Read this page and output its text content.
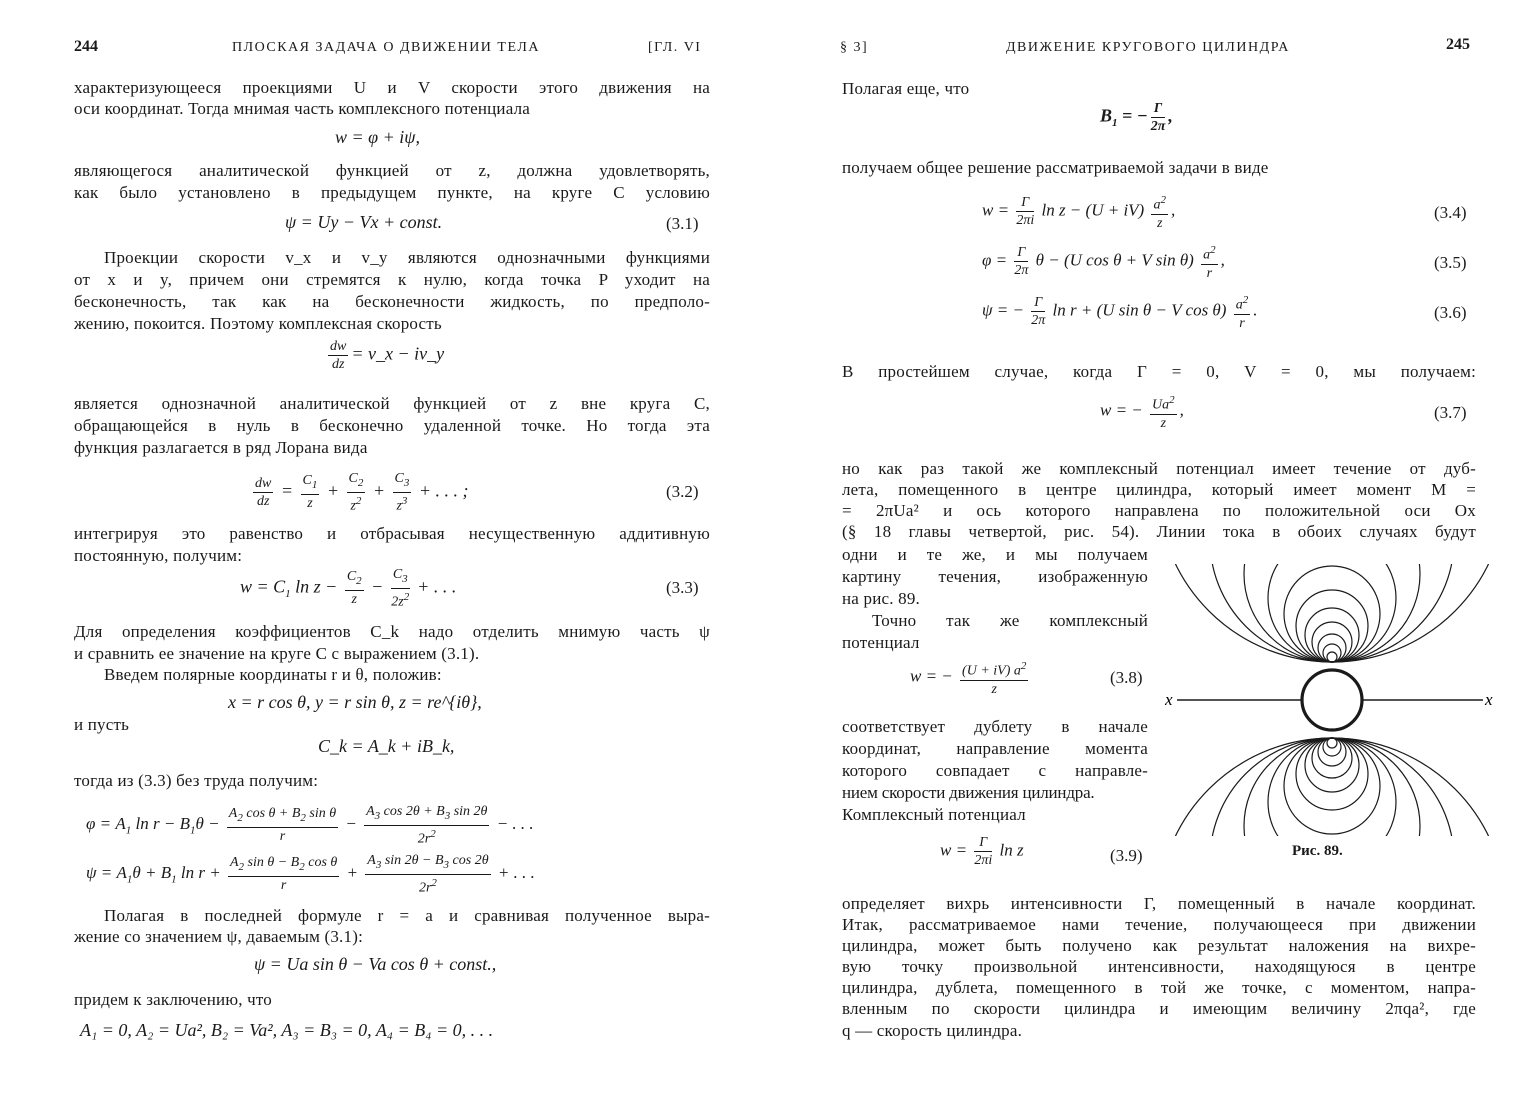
244	ПЛОСКАЯ ЗАДАЧА О ДВИЖЕНИИ ТЕЛА	[ГЛ. VI
характеризующееся проекциями U и V скорости этого движения на
оси координат. Тогда мнимая часть комплексного потенциала
w = φ + iψ,
являющегося аналитической функцией от z, должна удовлетворять,
как было установлено в предыдущем пункте, на круге C условию
ψ = Uy − Vx + const.	(3.1)
Проекции скорости v_x и v_y являются однозначными функциями
от x и y, причем они стремятся к нулю, когда точка P уходит на
бесконечность, так как на бесконечности жидкость, по предполо-
жению, покоится. Поэтому комплексная скорость
$\frac{dw}{dz}$ = v_x − iv_y
является однозначной аналитической функцией от z вне круга C,
обращающейся в нуль в бесконечно удаленной точке. Но тогда эта
функция разлагается в ряд Лорана вида
$\frac{dw}{dz} = \frac{C_1}{z} + \frac{C_2}{z^2} + \frac{C_3}{z^3}$ + . . . ;	(3.2)
интегрируя это равенство и отбрасывая несущественную аддитивную
постоянную, получим:
$w = C_1$ $\ln z - \frac{C_2}{z} - \frac{C_3}{2z^2}$ + . . .	(3.3)
Для определения коэффициентов C_k надо отделить мнимую часть ψ
и сравнить ее значение на круге C с выражением (3.1).
Введем полярные координаты r и θ, положив:
x = r cos θ, y = r sin θ, z = re^{iθ},
и пусть
C_k = A_k + iB_k,
тогда из (3.3) без труда получим:
$\varphi = A_1$ $\ln r - B_1\theta - \frac{A_2 \cos \theta + B_2 \sin \theta}{r} - \frac{A_3 \cos 2\theta + B_3 \sin 2\theta}{2r^2}$ − . . .
$\psi = A_1\theta + B_1$ $\ln r + \frac{A_2 \sin \theta - B_2 \cos \theta}{r} + \frac{A_3 \sin 2\theta - B_3 \cos 2\theta}{2r^2}$ + . . .
Полагая в последней формуле r = a и сравнивая полученное выра-
жение со значением ψ, даваемым (3.1):
ψ = Ua sin θ − Va cos θ + const.,
придем к заключению, что
A₁ = 0, A₂ = Ua², B₂ = Va², A₃ = B₃ = 0, A₄ = B₄ = 0, . . .
§ 3]	ДВИЖЕНИЕ КРУГОВОГО ЦИЛИНДРА	245
Полагая еще, что
$B_1$ = − $\frac{\Gamma}{2\pi}$ ,
получаем общее решение рассматриваемой задачи в виде
$w = \frac{\Gamma}{2\pi i}$ $\ln z - (U + iV) \frac{a^2}{z}$ ,	(3.4)
$\varphi = \frac{\Gamma}{2\pi}$ θ − (U cos θ + V $\sin \theta) \frac{a^2}{r}$ ,	(3.5)
ψ = − $\frac{\Gamma}{2\pi}$ ln r + (U sin θ − V $\cos \theta) \frac{a^2}{r}$ .	(3.6)
В простейшем случае, когда Γ = 0, V = 0, мы получаем:
w = − $\frac{Ua^2}{z}$ ,	(3.7)
но как раз такой же комплексный потенциал имеет течение от дуб-
лета, помещенного в центре цилиндра, который имеет момент M =
= 2πUa² и ось которого направлена по положительной оси Ox
(§ 18 главы четвертой, рис. 54). Линии тока в обоих случаях будут
одни и те же, и мы получаем
картину течения, изображенную
на рис. 89.
Точно так же комплексный
потенциал
w = − $\frac{(U + iV) a^2}{z}$	(3.8)
соответствует дублету в начале
координат, направление момента
которого совпадает с направле-
нием скорости движения цилиндра.
Комплексный потенциал
$w = \frac{\Gamma}{2\pi i}$ ln z	(3.9)
x	x
Рис. 89.
определяет вихрь интенсивности Γ, помещенный в начале координат.
Итак, рассматриваемое нами течение, получающееся при движении
цилиндра, может быть получено как результат наложения на вихре-
вую точку произвольной интенсивности, находящуюся в центре
цилиндра, дублета, помещенного в той же точке, с моментом, напра-
вленным по скорости цилиндра и имеющим величину 2πqa², где
q — скорость цилиндра.
